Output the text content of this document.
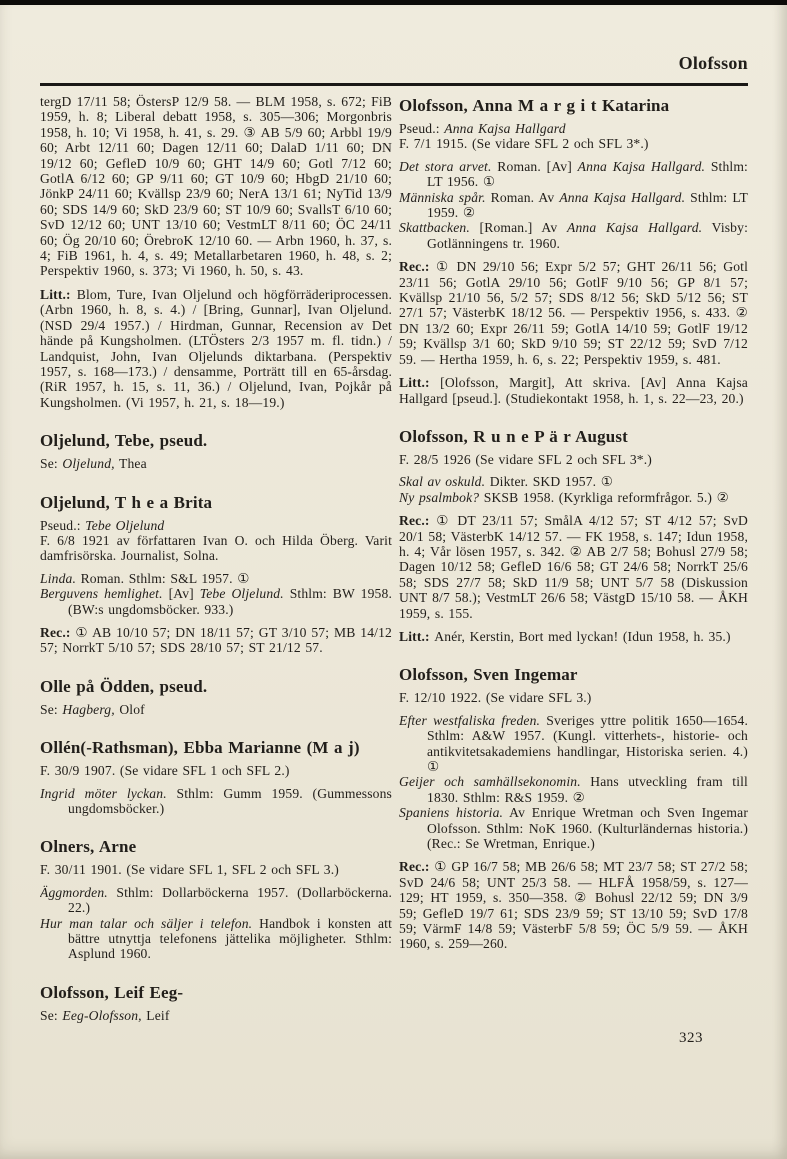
Olofsson

tergD 17/11 58; ÖstersP 12/9 58. — BLM 1958, s. 672; FiB 1959, h. 8; Liberal debatt 1958, s. 305—306; Morgonbris 1958, h. 10; Vi 1958, h. 41, s. 29. ③ AB 5/9 60; Arbbl 19/9 60; Arbt 12/11 60; Dagen 12/11 60; DalaD 1/11 60; DN 19/12 60; GefleD 10/9 60; GHT 14/9 60; Gotl 7/12 60; GotlA 6/12 60; GP 9/11 60; GT 10/9 60; HbgD 21/10 60; JönkP 24/11 60; Kvällsp 23/9 60; NerA 13/1 61; NyTid 13/9 60; SDS 14/9 60; SkD 23/9 60; ST 10/9 60; SvallsT 6/10 60; SvD 12/12 60; UNT 13/10 60; VestmLT 8/11 60; ÖC 24/11 60; Ög 20/10 60; ÖrebroK 12/10 60. — Arbn 1960, h. 37, s. 4; FiB 1961, h. 4, s. 49; Metallarbetaren 1960, h. 48, s. 2; Perspektiv 1960, s. 373; Vi 1960, h. 50, s. 43.

Litt.: Blom, Ture, Ivan Oljelund och högförräderiprocessen. (Arbn 1960, h. 8, s. 4.) / [Bring, Gunnar], Ivan Oljelund. (NSD 29/4 1957.) / Hirdman, Gunnar, Recension av Det hände på Kungsholmen. (LTÖsters 2/3 1957 m. fl. tidn.) / Landquist, John, Ivan Oljelunds diktarbana. (Perspektiv 1957, s. 168—173.) / densamme, Porträtt till en 65-årsdag. (RiR 1957, h. 15, s. 11, 36.) / Oljelund, Ivan, Pojkår på Kungsholmen. (Vi 1957, h. 21, s. 18—19.)

Oljelund, Tebe, pseud.

Se: Oljelund, Thea

Oljelund, T h e a Brita

Pseud.: Tebe Oljelund

F. 6/8 1921 av författaren Ivan O. och Hilda Öberg. Varit damfrisörska. Journalist, Solna.

Linda. Roman. Sthlm: S&L 1957. ①

Berguvens hemlighet. [Av] Tebe Oljelund. Sthlm: BW 1958. (BW:s ungdomsböcker. 933.)

Rec.: ① AB 10/10 57; DN 18/11 57; GT 3/10 57; MB 14/12 57; NorrkT 5/10 57; SDS 28/10 57; ST 21/12 57.

Olle på Ödden, pseud.

Se: Hagberg, Olof

Ollén(-Rathsman), Ebba Marianne (M a j)

F. 30/9 1907. (Se vidare SFL 1 och SFL 2.)

Ingrid möter lyckan. Sthlm: Gumm 1959. (Gummessons ungdomsböcker.)

Olners, Arne

F. 30/11 1901. (Se vidare SFL 1, SFL 2 och SFL 3.)

Äggmorden. Sthlm: Dollarböckerna 1957. (Dollarböckerna. 22.)

Hur man talar och säljer i telefon. Handbok i konsten att bättre utnyttja telefonens jättelika möjligheter. Sthlm: Asplund 1960.

Olofsson, Leif Eeg-

Se: Eeg-Olofsson, Leif

Olofsson, Anna M a r g i t Katarina

Pseud.: Anna Kajsa Hallgard

F. 7/1 1915. (Se vidare SFL 2 och SFL 3*.)

Det stora arvet. Roman. [Av] Anna Kajsa Hallgard. Sthlm: LT 1956. ①

Människa spår. Roman. Av Anna Kajsa Hallgard. Sthlm: LT 1959. ②

Skattbacken. [Roman.] Av Anna Kajsa Hallgard. Visby: Gotlänningens tr. 1960.

Rec.: ① DN 29/10 56; Expr 5/2 57; GHT 26/11 56; Gotl 23/11 56; GotlA 29/10 56; GotlF 9/10 56; GP 8/1 57; Kvällsp 21/10 56, 5/2 57; SDS 8/12 56; SkD 5/12 56; ST 27/1 57; VästerbK 18/12 56. — Perspektiv 1956, s. 433. ② DN 13/2 60; Expr 26/11 59; GotlA 14/10 59; GotlF 19/12 59; Kvällsp 3/1 60; SkD 9/10 59; ST 22/12 59; SvD 7/12 59. — Hertha 1959, h. 6, s. 22; Perspektiv 1959, s. 481.

Litt.: [Olofsson, Margit], Att skriva. [Av] Anna Kajsa Hallgard [pseud.]. (Studiekontakt 1958, h. 1, s. 22—23, 20.)

Olofsson, R u n e P ä r August

F. 28/5 1926 (Se vidare SFL 2 och SFL 3*.)

Skal av oskuld. Dikter. SKD 1957. ①

Ny psalmbok? SKSB 1958. (Kyrkliga reformfrågor. 5.) ②

Rec.: ① DT 23/11 57; SmålA 4/12 57; ST 4/12 57; SvD 20/1 58; VästerbK 14/12 57. — FK 1958, s. 147; Idun 1958, h. 4; Vår lösen 1957, s. 342. ② AB 2/7 58; Bohusl 27/9 58; Dagen 10/12 58; GefleD 16/6 58; GT 24/6 58; NorrkT 25/6 58; SDS 27/7 58; SkD 11/9 58; UNT 5/7 58 (Diskussion UNT 8/7 58.); VestmLT 26/6 58; VästgD 15/10 58. — ÅKH 1959, s. 155.

Litt.: Anér, Kerstin, Bort med lyckan! (Idun 1958, h. 35.)

Olofsson, Sven Ingemar

F. 12/10 1922. (Se vidare SFL 3.)

Efter westfaliska freden. Sveriges yttre politik 1650—1654. Sthlm: A&W 1957. (Kungl. vitterhets-, historie- och antikvitetsakademiens handlingar, Historiska serien. 4.) ①

Geijer och samhällsekonomin. Hans utveckling fram till 1830. Sthlm: R&S 1959. ②

Spaniens historia. Av Enrique Wretman och Sven Ingemar Olofsson. Sthlm: NoK 1960. (Kulturländernas historia.) (Rec.: Se Wretman, Enrique.)

Rec.: ① GP 16/7 58; MB 26/6 58; MT 23/7 58; ST 27/2 58; SvD 24/6 58; UNT 25/3 58. — HLFÅ 1958/59, s. 127—129; HT 1959, s. 350—358. ② Bohusl 22/12 59; DN 3/9 59; GefleD 19/7 61; SDS 23/9 59; ST 13/10 59; SvD 17/8 59; VärmF 14/8 59; VästerbF 5/8 59; ÖC 5/9 59. — ÅKH 1960, s. 259—260.

323
